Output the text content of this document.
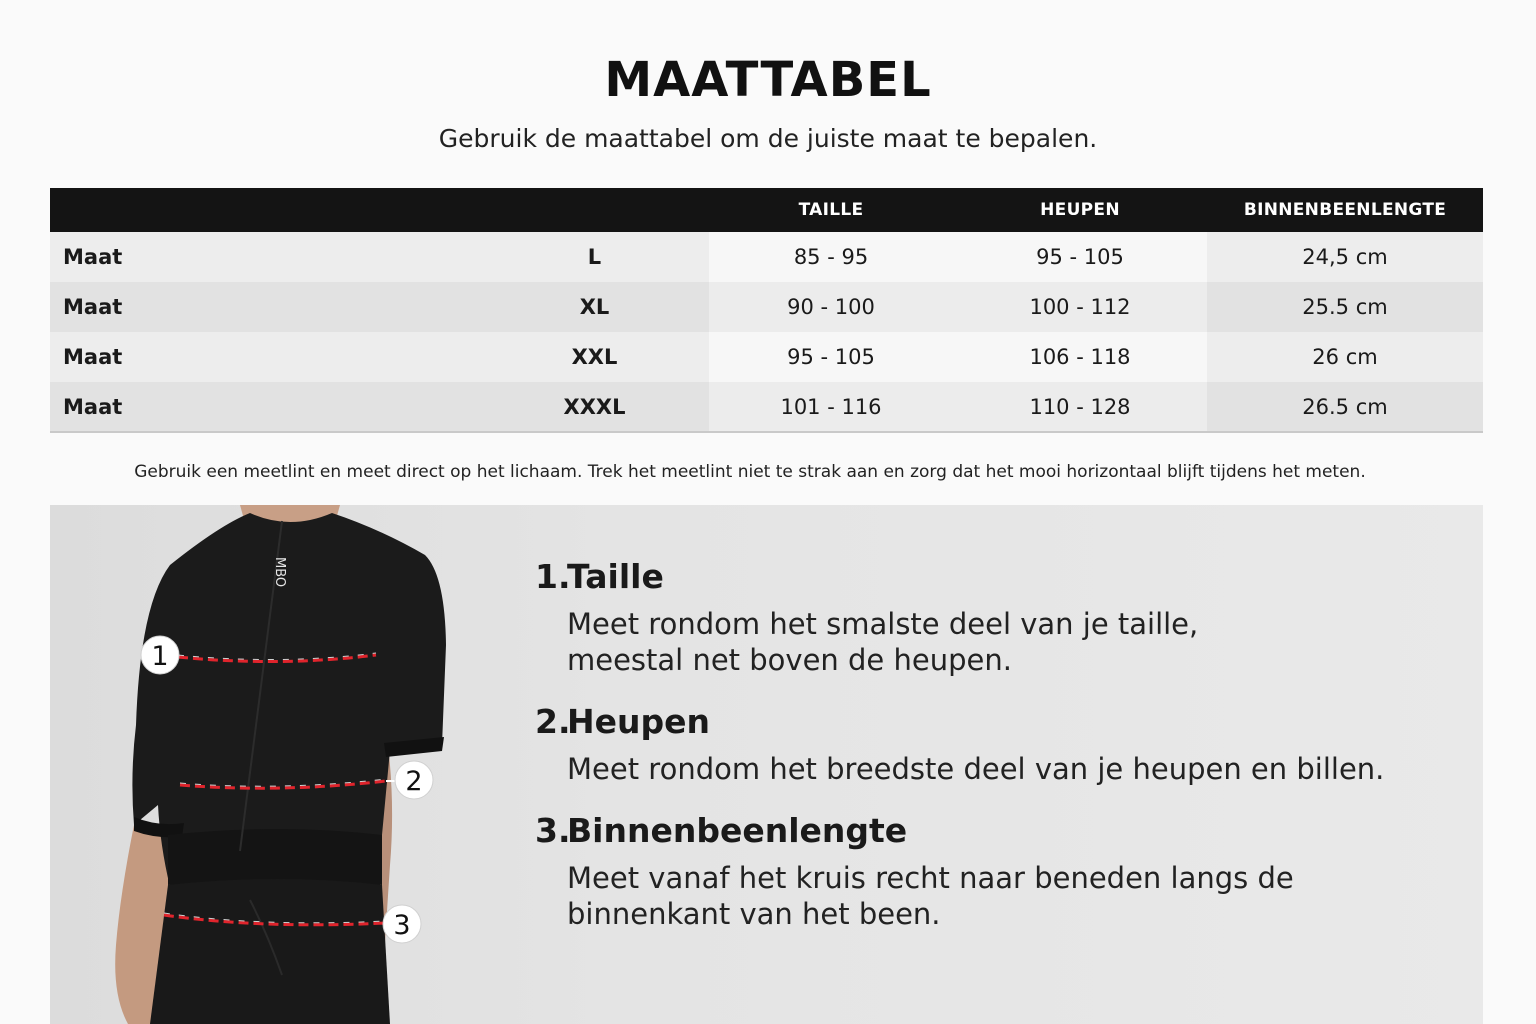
MAATTABEL

Gebruik de maattabel om de juiste maat te bepalen.

		TAILLE	HEUPEN	BINNENBEENLENGTE
Maat	L	85 - 95	95 - 105	24,5 cm
Maat	XL	90 - 100	100 - 112	25.5 cm
Maat	XXL	95 - 105	106 - 118	26 cm
Maat	XXXL	101 - 116	110 - 128	26.5 cm

Gebruik een meetlint en meet direct op het lichaam. Trek het meetlint niet te strak aan en zorg dat het mooi horizontaal blijft tijdens het meten.

MBO
1
2
3
1.Taille

Meet rondom het smalste deel van je taille, meestal net boven de heupen.

2.Heupen

Meet rondom het breedste deel van je heupen en billen.

3.Binnenbeenlengte

Meet vanaf het kruis recht naar beneden langs de binnenkant van het been.
